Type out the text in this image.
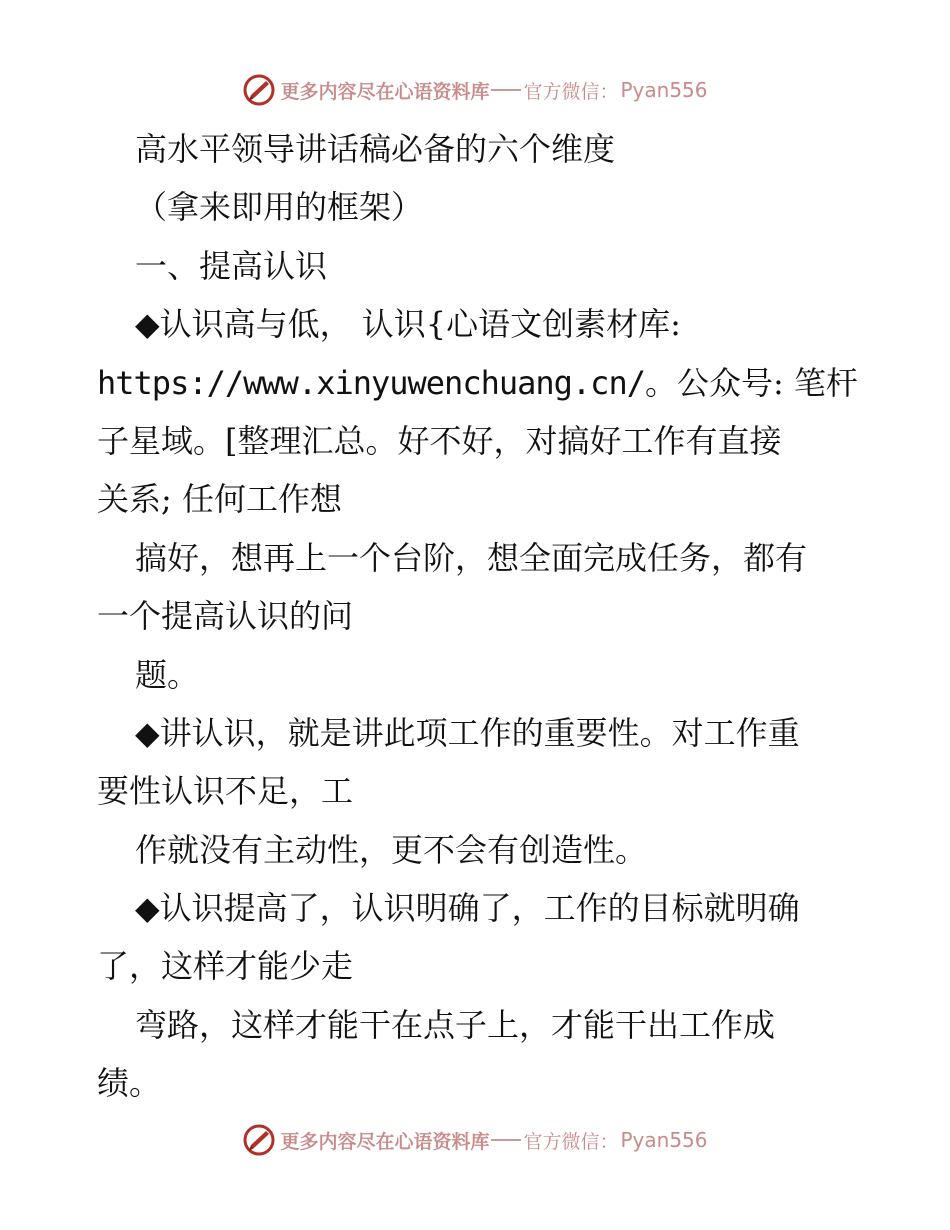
更多内容尽在心语资料库 官方微信： Pyan556
高水平领导讲话稿必备的六个维度
（拿来即用的框架）
一、提高认识
◆认识高与低， 认识{心语文创素材库:
https://www.xinyuwenchuang.cn/。公众号: 笔杆
子星域。[整理汇总。好不好，对搞好工作有直接
关系; 任何工作想
搞好，想再上一个台阶，想全面完成任务，都有
一个提高认识的问
题。
◆讲认识，就是讲此项工作的重要性。对工作重
要性认识不足，工
作就没有主动性，更不会有创造性。
◆认识提高了，认识明确了，工作的目标就明确
了，这样才能少走
弯路，这样才能干在点子上，才能干出工作成
绩。
更多内容尽在心语资料库 官方微信： Pyan556
